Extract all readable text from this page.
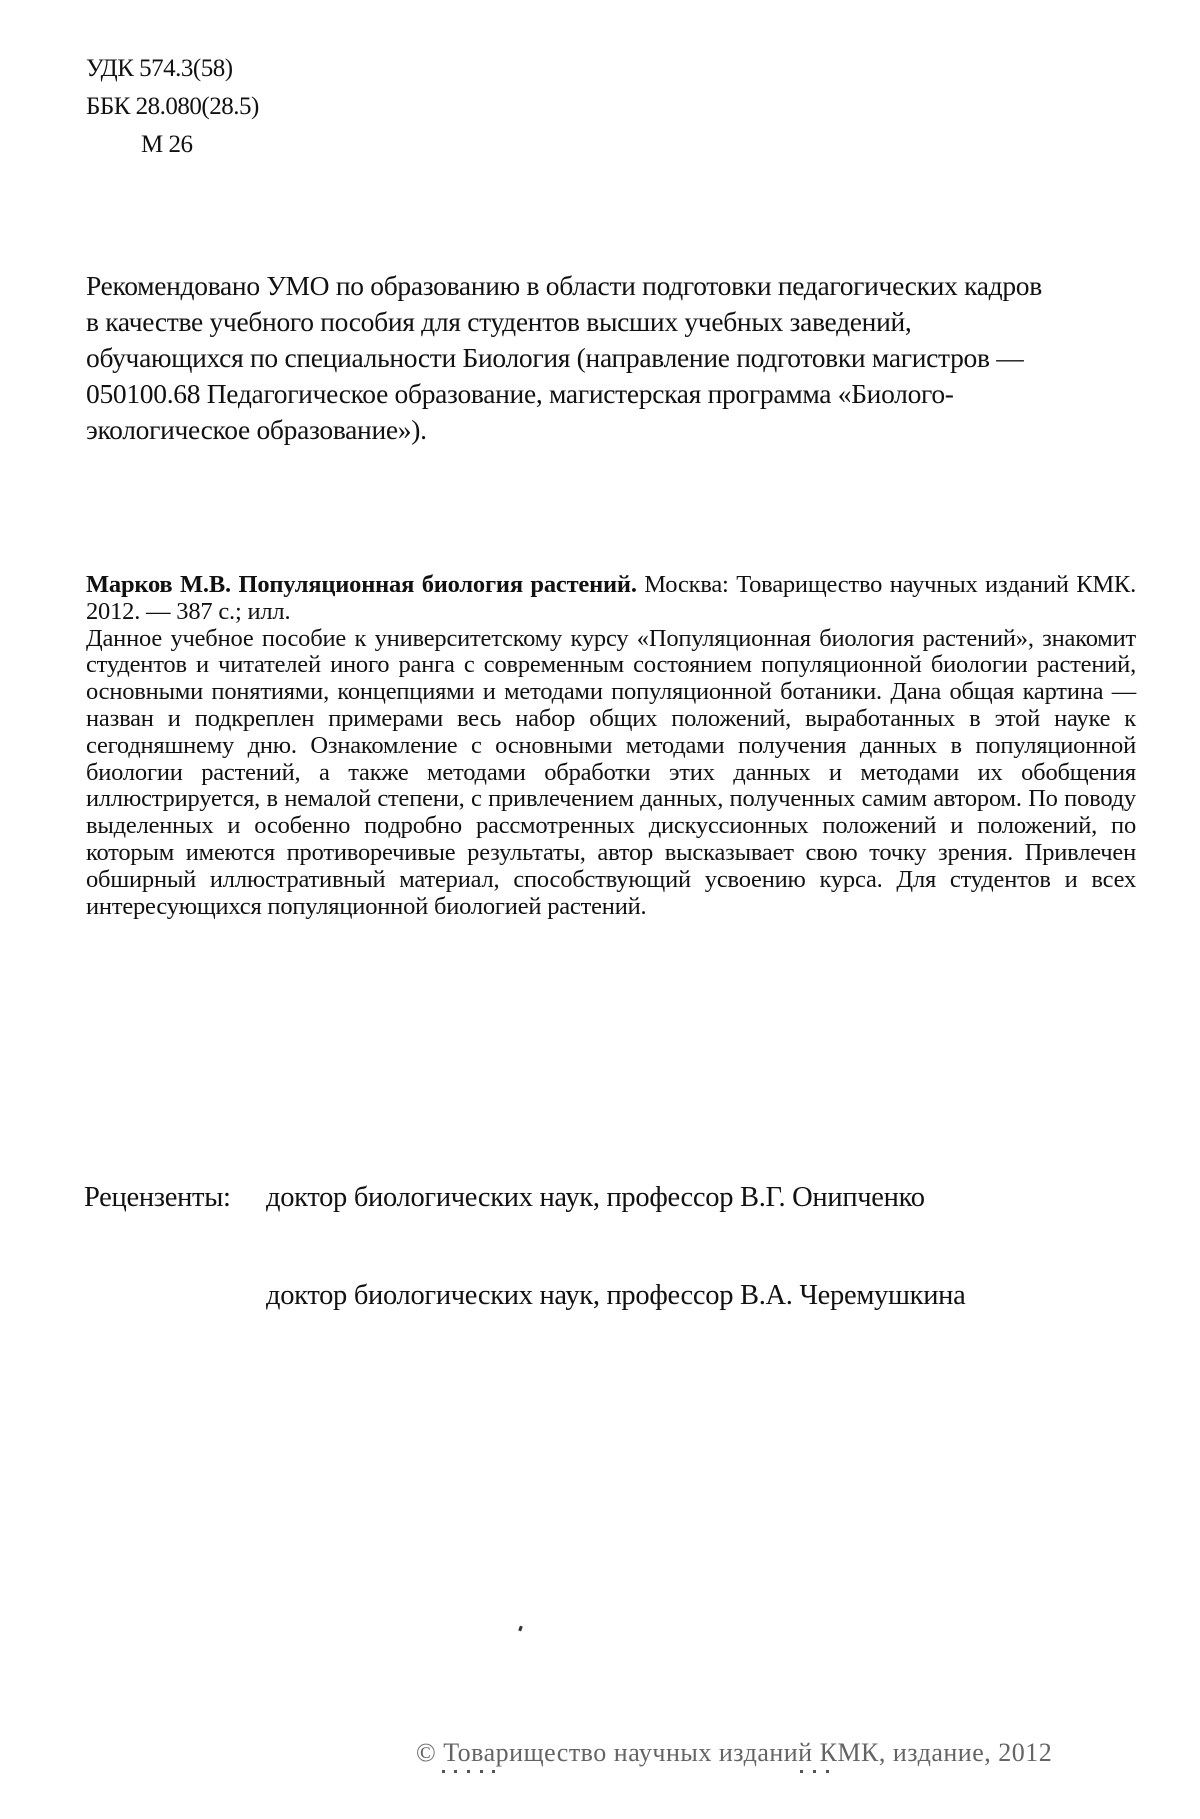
УДК 574.3(58)
ББК 28.080(28.5)
М 26

Рекомендовано УМО по образованию в области подготовки педагогических кадров в качестве учебного пособия для студентов высших учебных заведений, обучающихся по специальности Биология (направление подготовки магистров — 050100.68 Педагогическое образование, магистерская программа «Биолого-экологическое образование»).

Марков М.В. Популяционная биология растений. Москва: Товарищество научных изданий КМК. 2012. — 387 с.; илл.

Данное учебное пособие к университетскому курсу «Популяционная биология растений», знакомит студентов и читателей иного ранга с современным состоянием популяционной биологии растений, основными понятиями, концепциями и методами популяционной ботаники. Дана общая картина — назван и подкреплен примерами весь набор общих положений, выработанных в этой науке к сегодняшнему дню. Ознакомление с основными методами получения данных в популяционной биологии растений, а также методами обработки этих данных и методами их обобщения иллюстрируется, в немалой степени, с привлечением данных, полученных самим автором. По поводу выделенных и особенно подробно рассмотренных дискуссионных положений и положений, по которым имеются противоречивые результаты, автор высказывает свою точку зрения. Привлечен обширный иллюстративный материал, способствующий усвоению курса. Для студентов и всех интересующихся популяционной биологией растений.

Рецензенты:	доктор биологических наук, профессор В.Г. Онипченко
доктор биологических наук, профессор В.А. Черемушкина
© Товарищество научных изданий КМК, издание, 2012
